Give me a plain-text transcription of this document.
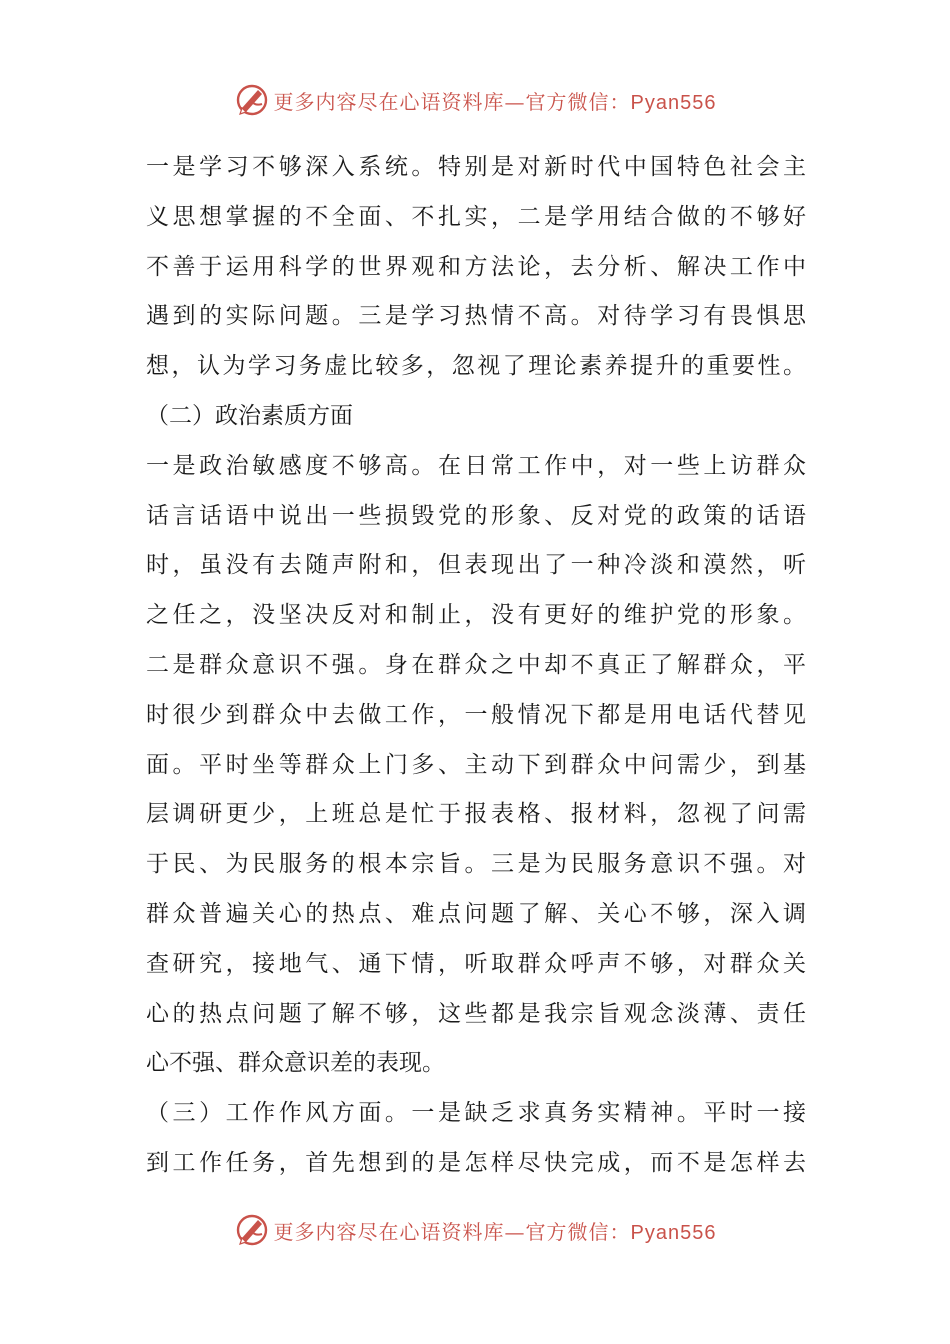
更多内容尽在心语资料库—官方微信：Pyan556
一是学习不够深入系统。特别是对新时代中国特色社会主
义思想掌握的不全面、不扎实，二是学用结合做的不够好
不善于运用科学的世界观和方法论，去分析、解决工作中
遇到的实际问题。三是学习热情不高。对待学习有畏惧思
想，认为学习务虚比较多，忽视了理论素养提升的重要性。
（二）政治素质方面
一是政治敏感度不够高。在日常工作中，对一些上访群众
话言话语中说出一些损毁党的形象、反对党的政策的话语
时，虽没有去随声附和，但表现出了一种冷淡和漠然，听
之任之，没坚决反对和制止，没有更好的维护党的形象。
二是群众意识不强。身在群众之中却不真正了解群众，平
时很少到群众中去做工作，一般情况下都是用电话代替见
面。平时坐等群众上门多、主动下到群众中问需少，到基
层调研更少，上班总是忙于报表格、报材料，忽视了问需
于民、为民服务的根本宗旨。三是为民服务意识不强。对
群众普遍关心的热点、难点问题了解、关心不够，深入调
查研究，接地气、通下情，听取群众呼声不够，对群众关
心的热点问题了解不够，这些都是我宗旨观念淡薄、责任
心不强、群众意识差的表现。
（三）工作作风方面。一是缺乏求真务实精神。平时一接
到工作任务，首先想到的是怎样尽快完成，而不是怎样去
更多内容尽在心语资料库—官方微信：Pyan556
